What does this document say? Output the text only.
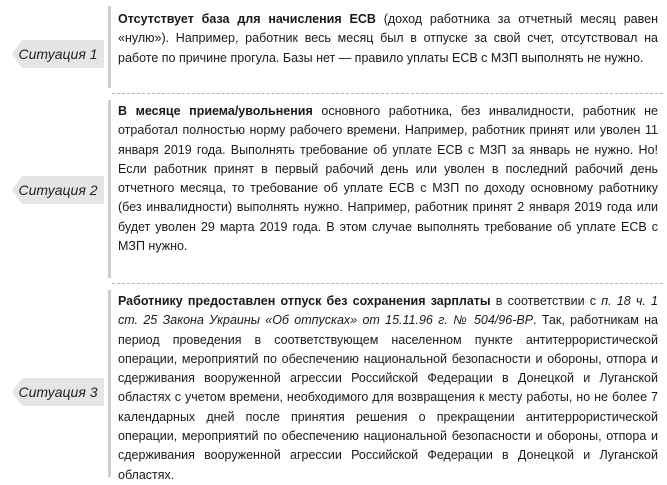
Ситуация 1
Отсутствует база для начисления ЕСВ (доход работника за отчетный месяц равен «нулю»). Например, работник весь месяц был в отпуске за свой счет, отсутствовал на работе по причине прогула. Базы нет — правило уплаты ЕСВ с МЗП выполнять не нужно.
Ситуация 2
В месяце приема/увольнения основного работника, без инвалидности, работник не отработал полностью норму рабочего времени. Например, работник принят или уволен 11 января 2019 года. Выполнять требование об уплате ЕСВ с МЗП за январь не нужно. Но! Если работник принят в первый рабочий день или уволен в последний рабочий день отчетного месяца, то требование об уплате ЕСВ с МЗП по доходу основному работнику (без инвалидности) выполнять нужно. Например, работник принят 2 января 2019 года или будет уволен 29 марта 2019 года. В этом случае выполнять требование об уплате ЕСВ с МЗП нужно.
Ситуация 3
Работнику предоставлен отпуск без сохранения зарплаты в соответствии с п. 18 ч. 1 ст. 25 Закона Украины «Об отпусках» от 15.11.96 г. № 504/96-ВР. Так, работникам на период проведения в соответствующем населенном пункте антитеррористической операции, мероприятий по обеспечению национальной безопасности и обороны, отпора и сдерживания вооруженной агрессии Российской Федерации в Донецкой и Луганской областях с учетом времени, необходимого для возвращения к месту работы, но не более 7 календарных дней после принятия решения о прекращении антитеррористической операции, мероприятий по обеспечению национальной безопасности и обороны, отпора и сдерживания вооруженной агрессии Российской Федерации в Донецкой и Луганской областях.
